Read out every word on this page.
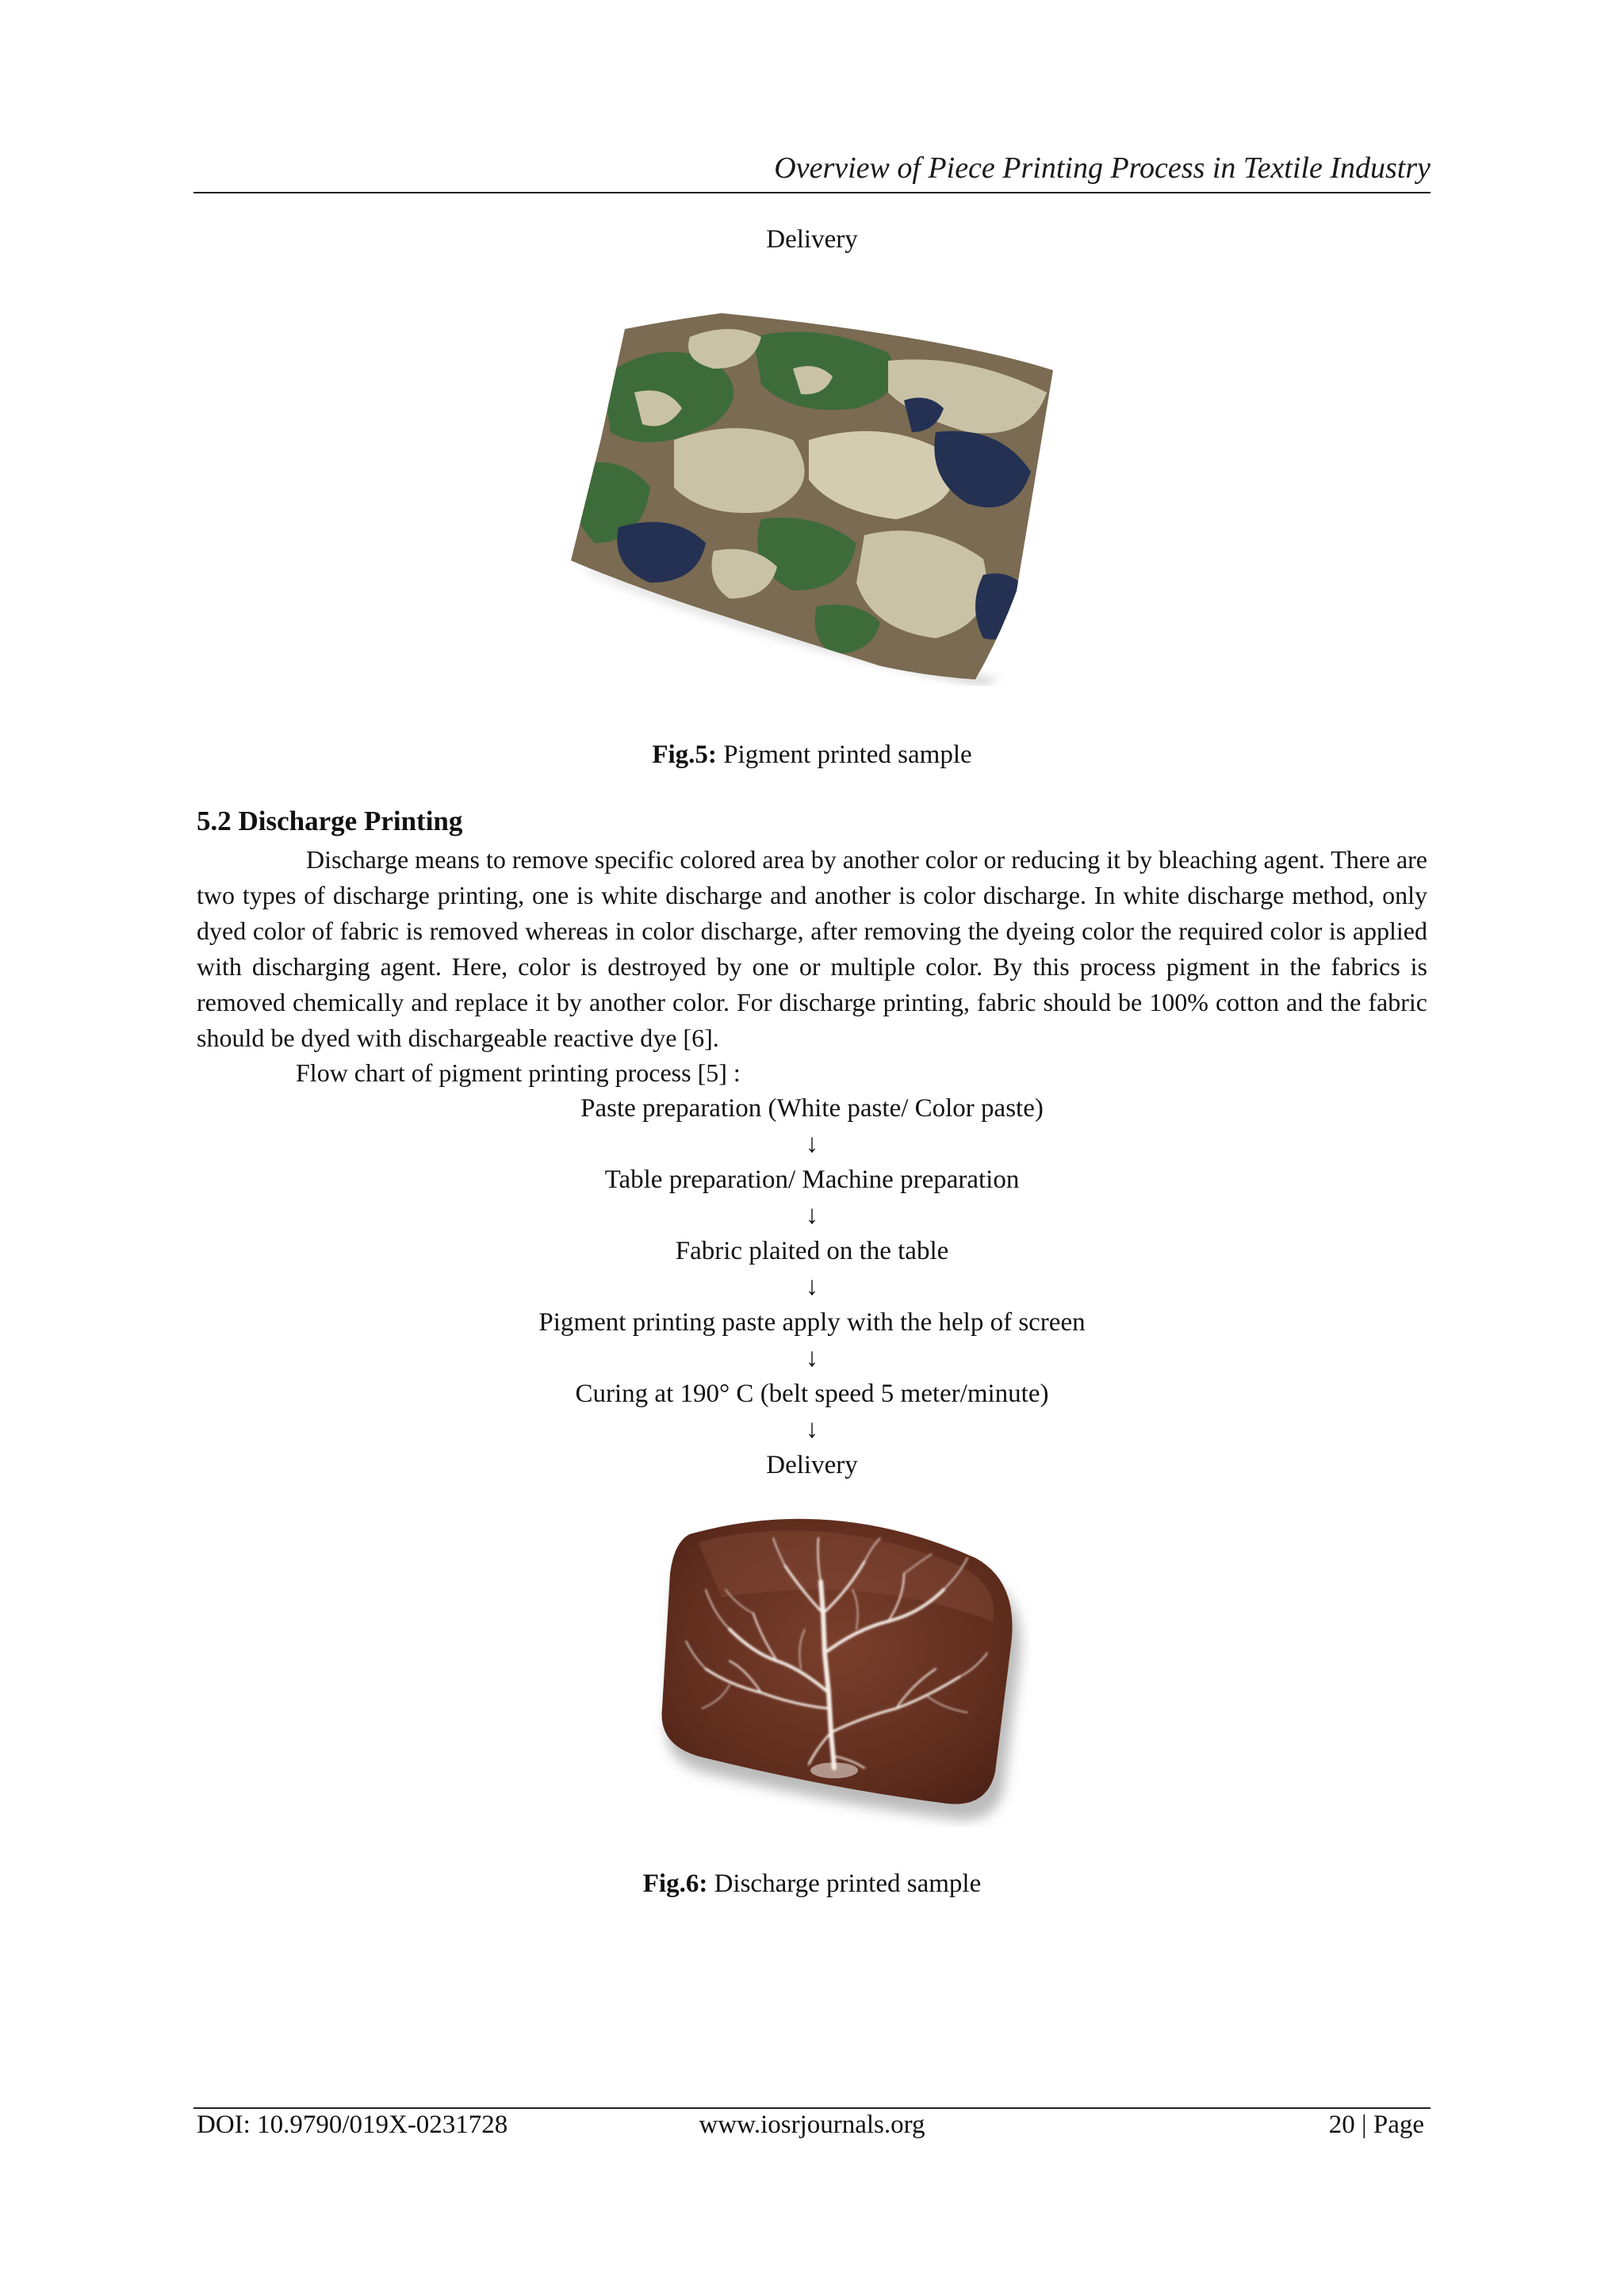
Overview of Piece Printing Process in Textile Industry
Delivery
Fig.5: Pigment printed sample
5.2 Discharge Printing

Discharge means to remove specific colored area by another color or reducing it by bleaching agent. There are two types of discharge printing, one is white discharge and another is color discharge. In white discharge method, only dyed color of fabric is removed whereas in color discharge, after removing the dyeing color the required color is applied with discharging agent. Here, color is destroyed by one or multiple color. By this process pigment in the fabrics is removed chemically and replace it by another color. For discharge printing, fabric should be 100% cotton and the fabric should be dyed with dischargeable reactive dye [6].

Flow chart of pigment printing process [5] :
Paste preparation (White paste/ Color paste)
↓
Table preparation/ Machine preparation
↓
Fabric plaited on the table
↓
Pigment printing paste apply with the help of screen
↓
Curing at 190° C (belt speed 5 meter/minute)
↓
Delivery
Fig.6: Discharge printed sample
DOI: 10.9790/019X-0231728	www.iosrjournals.org	20 | Page
